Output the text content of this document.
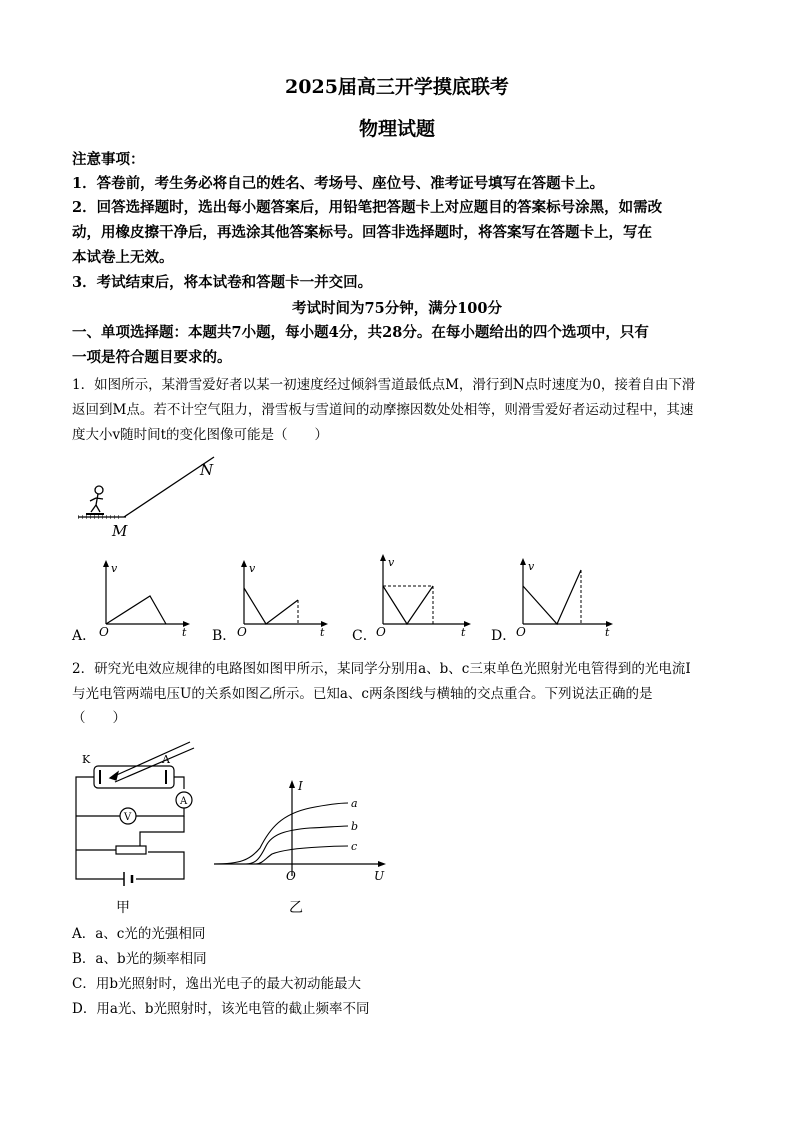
2025届高三开学摸底联考
物理试题
注意事项：
1．答卷前，考生务必将自己的姓名、考场号、座位号、准考证号填写在答题卡上。
2．回答选择题时，选出每小题答案后，用铅笔把答题卡上对应题目的答案标号涂黑，如需改
动，用橡皮擦干净后，再选涂其他答案标号。回答非选择题时，将答案写在答题卡上，写在
本试卷上无效。
3．考试结束后，将本试卷和答题卡一并交回。
考试时间为75分钟，满分100分
一、单项选择题：本题共7小题，每小题4分，共28分。在每小题给出的四个选项中，只有
一项是符合题目要求的。
1．如图所示，某滑雪爱好者以某一初速度经过倾斜雪道最低点M，滑行到N点时速度为0，接着自由下滑
返回到M点。若不计空气阻力，滑雪板与雪道间的动摩擦因数处处相等，则滑雪爱好者运动过程中，其速
度大小v随时间t的变化图像可能是（　　）
N
M
A．
v
t
O	B．
v
t
O	C．
v
t
O	D．
v
t
O
2．研究光电效应规律的电路图如图甲所示，某同学分别用a、b、c三束单色光照射光电管得到的光电流I
与光电管两端电压U的关系如图乙所示。已知a、c两条图线与横轴的交点重合。下列说法正确的是
（　　）
K	A
A
V
甲
I
U
O
a
b
c
乙
A．a、c光的光强相同
B．a、b光的频率相同
C．用b光照射时，逸出光电子的最大初动能最大
D．用a光、b光照射时，该光电管的截止频率不同
